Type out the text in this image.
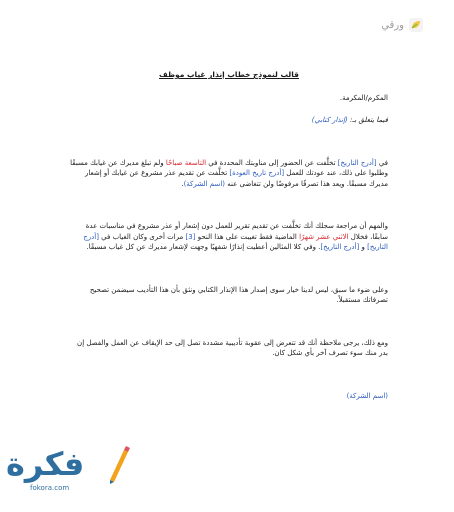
ورقي
قالب لنموذج خطاب إنذار غياب موظف

المكرم/المكرمة.

فيما يتعلق بـ: (إنذار كتابي)

في [أدرج التاريخ] تخلَّفت عن الحضور إلى مناوبتك المحددة في التاسعة صباحًا ولم تبلغ مديرك عن غيابك مسبقًا وطلبوا على ذلك، عند عودتك للعمل [أدرج تاريخ العودة] تخلَّفت عن تقديم عذر مشروع عن غيابك أو إشعار مديرك مسبقًا. ويعد هذا تصرفًا مرفوضًا ولن تتغاضى عنه (اسم الشركة).

والمهم أن مراجعة سجلك أنك تخلَّفت عن تقديم تقرير للعمل دون إشعار أو عذر مشروع في مناسبات عدة سابقًا، فخلال الاثني عشر شهرًا الماضية فقط تغيبت على هذا النحو [3] مرات أخرى وكان الغياب في [أدرج التاريخ] و [أدرج التاريخ]. وفي كلا المثالين أعطيت إنذارًا شفهيًا وجهت لإشعار مديرك عن كل غياب مسبقًا.

وعلى ضوء ما سبق، ليس لدينا خيار سوى إصدار هذا الإنذار الكتابي ونثق بأن هذا التأديب سيضمن تصحيح تصرفاتك مستقبلاً.

ومع ذلك، يرجى ملاحظة أنك قد تتعرض إلى عقوبة تأديبية مشددة تصل إلى حد الإيقاف عن العمل والفصل إن بدر منك سوء تصرف آخر بأي شكل كان.

(اسم الشركة)

فكرة
fokora.com
